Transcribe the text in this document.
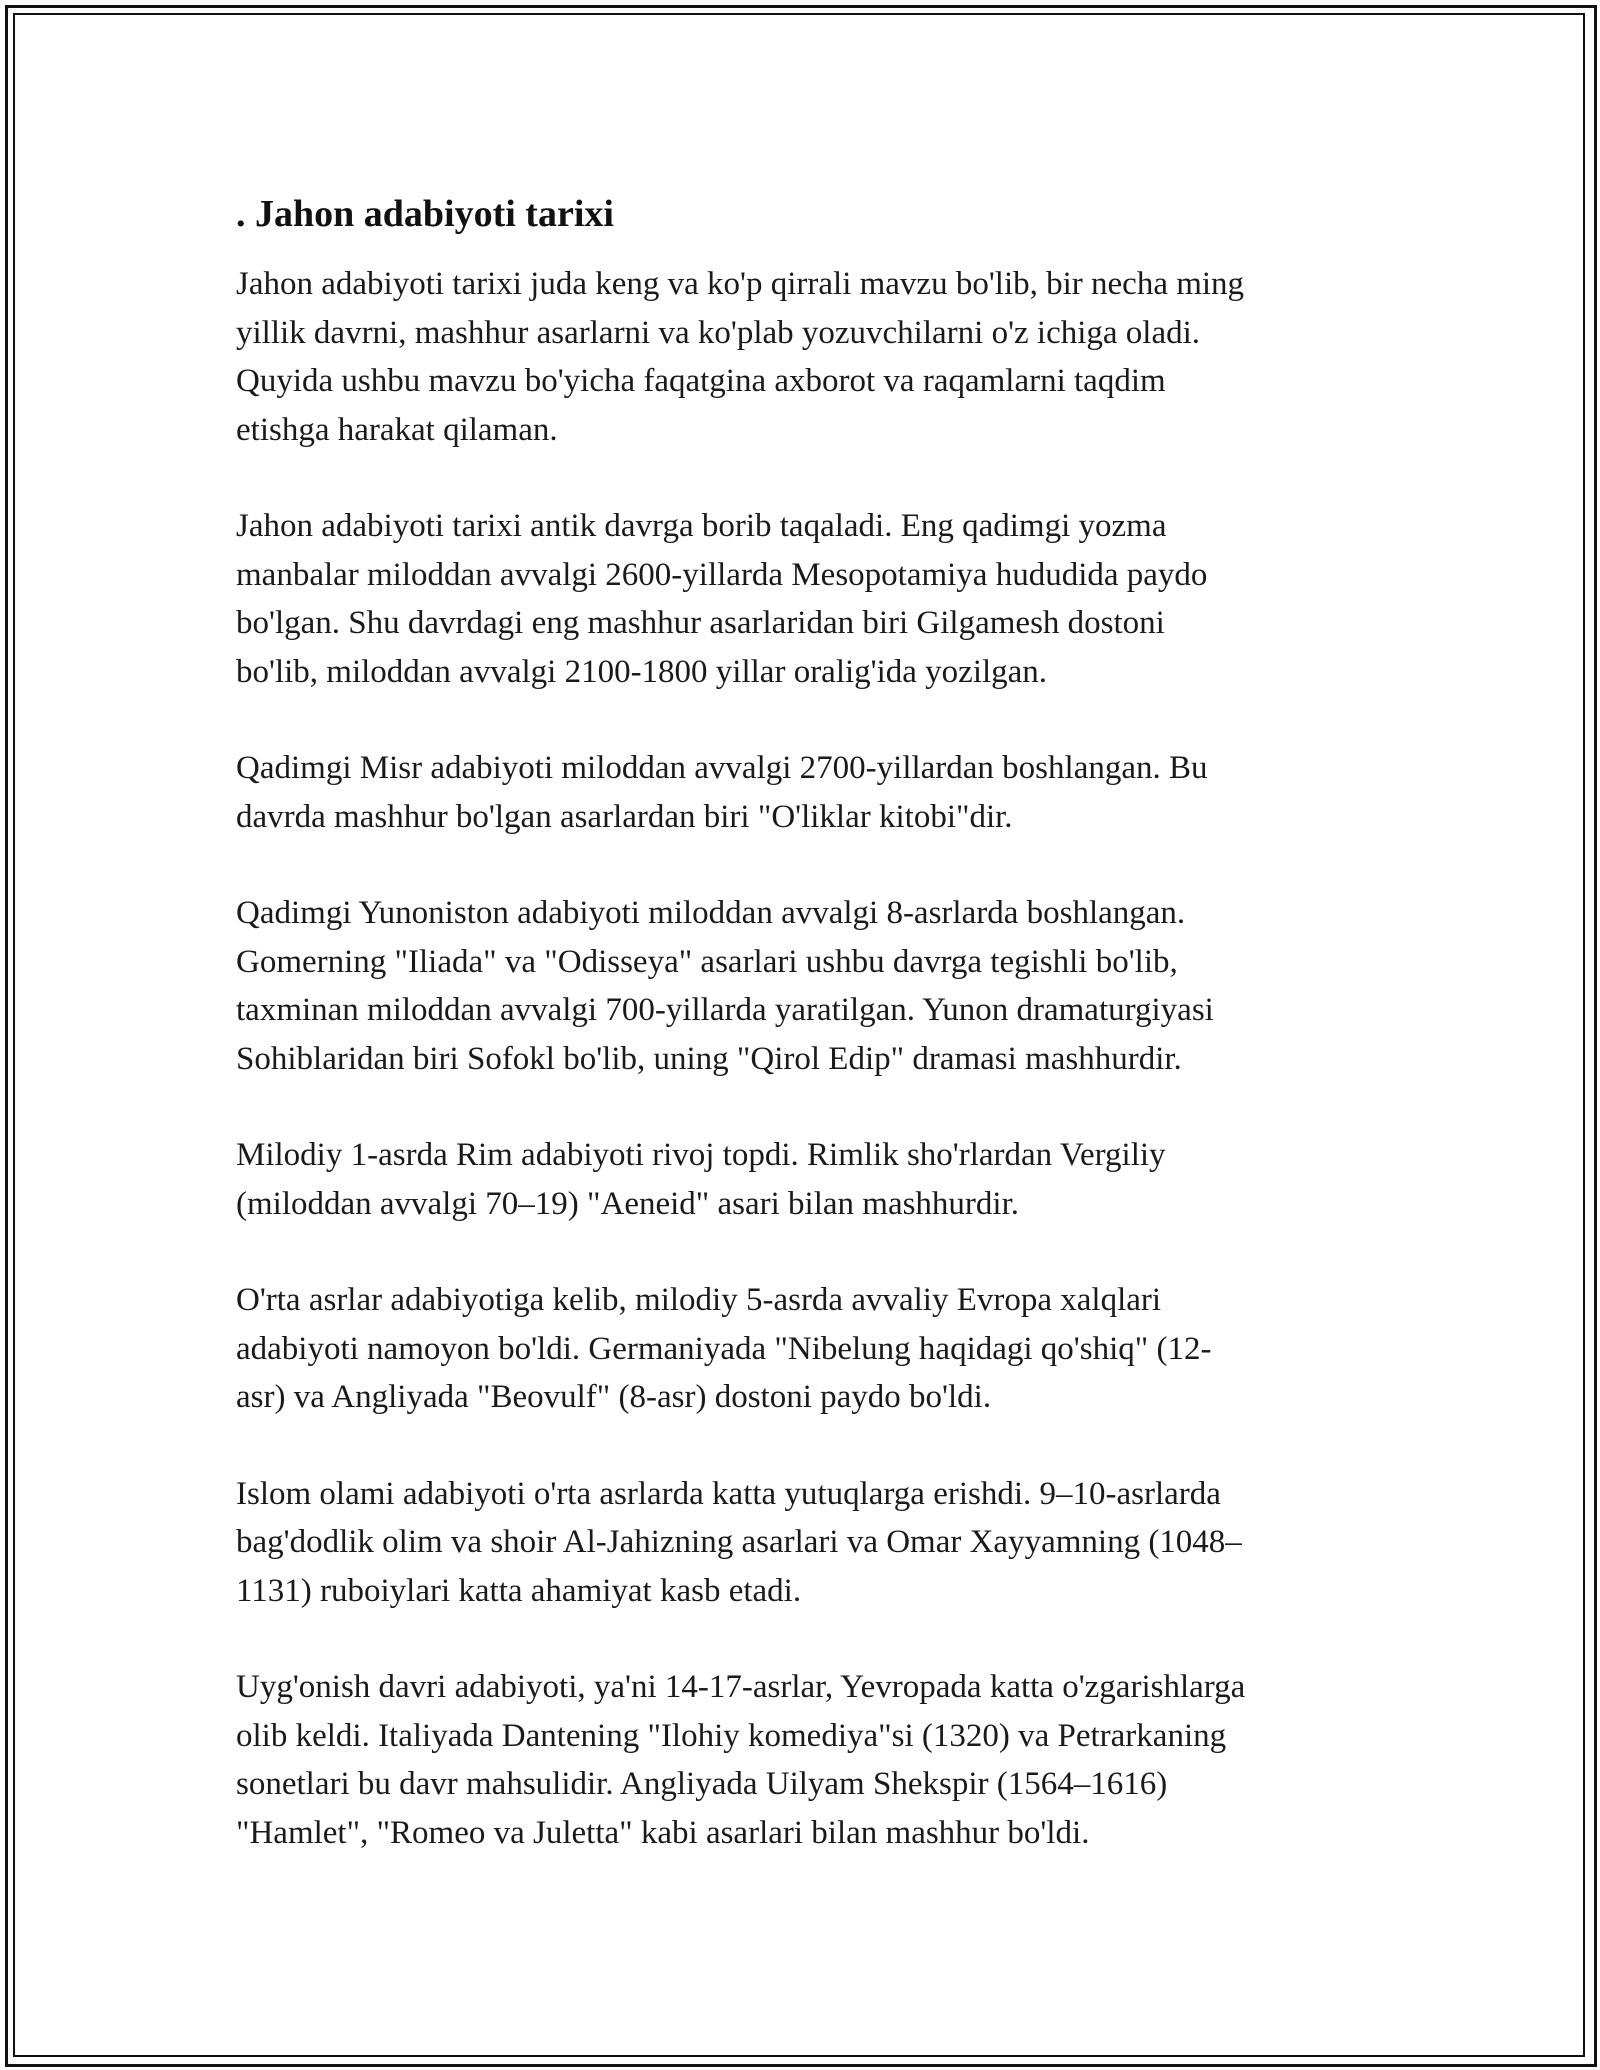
. Jahon adabiyoti tarixi

Jahon adabiyoti tarixi juda keng va ko'p qirrali mavzu bo'lib, bir necha ming
yillik davrni, mashhur asarlarni va ko'plab yozuvchilarni o'z ichiga oladi.
Quyida ushbu mavzu bo'yicha faqatgina axborot va raqamlarni taqdim
etishga harakat qilaman.

Jahon adabiyoti tarixi antik davrga borib taqaladi. Eng qadimgi yozma
manbalar miloddan avvalgi 2600-yillarda Mesopotamiya hududida paydo
bo'lgan. Shu davrdagi eng mashhur asarlaridan biri Gilgamesh dostoni
bo'lib, miloddan avvalgi 2100-1800 yillar oralig'ida yozilgan.

Qadimgi Misr adabiyoti miloddan avvalgi 2700-yillardan boshlangan. Bu
davrda mashhur bo'lgan asarlardan biri "O'liklar kitobi"dir.

Qadimgi Yunoniston adabiyoti miloddan avvalgi 8-asrlarda boshlangan.
Gomerning "Iliada" va "Odisseya" asarlari ushbu davrga tegishli bo'lib,
taxminan miloddan avvalgi 700-yillarda yaratilgan. Yunon dramaturgiyasi
Sohiblaridan biri Sofokl bo'lib, uning "Qirol Edip" dramasi mashhurdir.

Milodiy 1-asrda Rim adabiyoti rivoj topdi. Rimlik sho'rlardan Vergiliy
(miloddan avvalgi 70–19) "Aeneid" asari bilan mashhurdir.

O'rta asrlar adabiyotiga kelib, milodiy 5-asrda avvaliy Evropa xalqlari
adabiyoti namoyon bo'ldi. Germaniyada "Nibelung haqidagi qo'shiq" (12-
asr) va Angliyada "Beovulf" (8-asr) dostoni paydo bo'ldi.

Islom olami adabiyoti o'rta asrlarda katta yutuqlarga erishdi. 9–10-asrlarda
bag'dodlik olim va shoir Al-Jahizning asarlari va Omar Xayyamning (1048–
1131) ruboiylari katta ahamiyat kasb etadi.

Uyg'onish davri adabiyoti, ya'ni 14-17-asrlar, Yevropada katta o'zgarishlarga
olib keldi. Italiyada Dantening "Ilohiy komediya"si (1320) va Petrarkaning
sonetlari bu davr mahsulidir. Angliyada Uilyam Shekspir (1564–1616)
"Hamlet", "Romeo va Juletta" kabi asarlari bilan mashhur bo'ldi.
